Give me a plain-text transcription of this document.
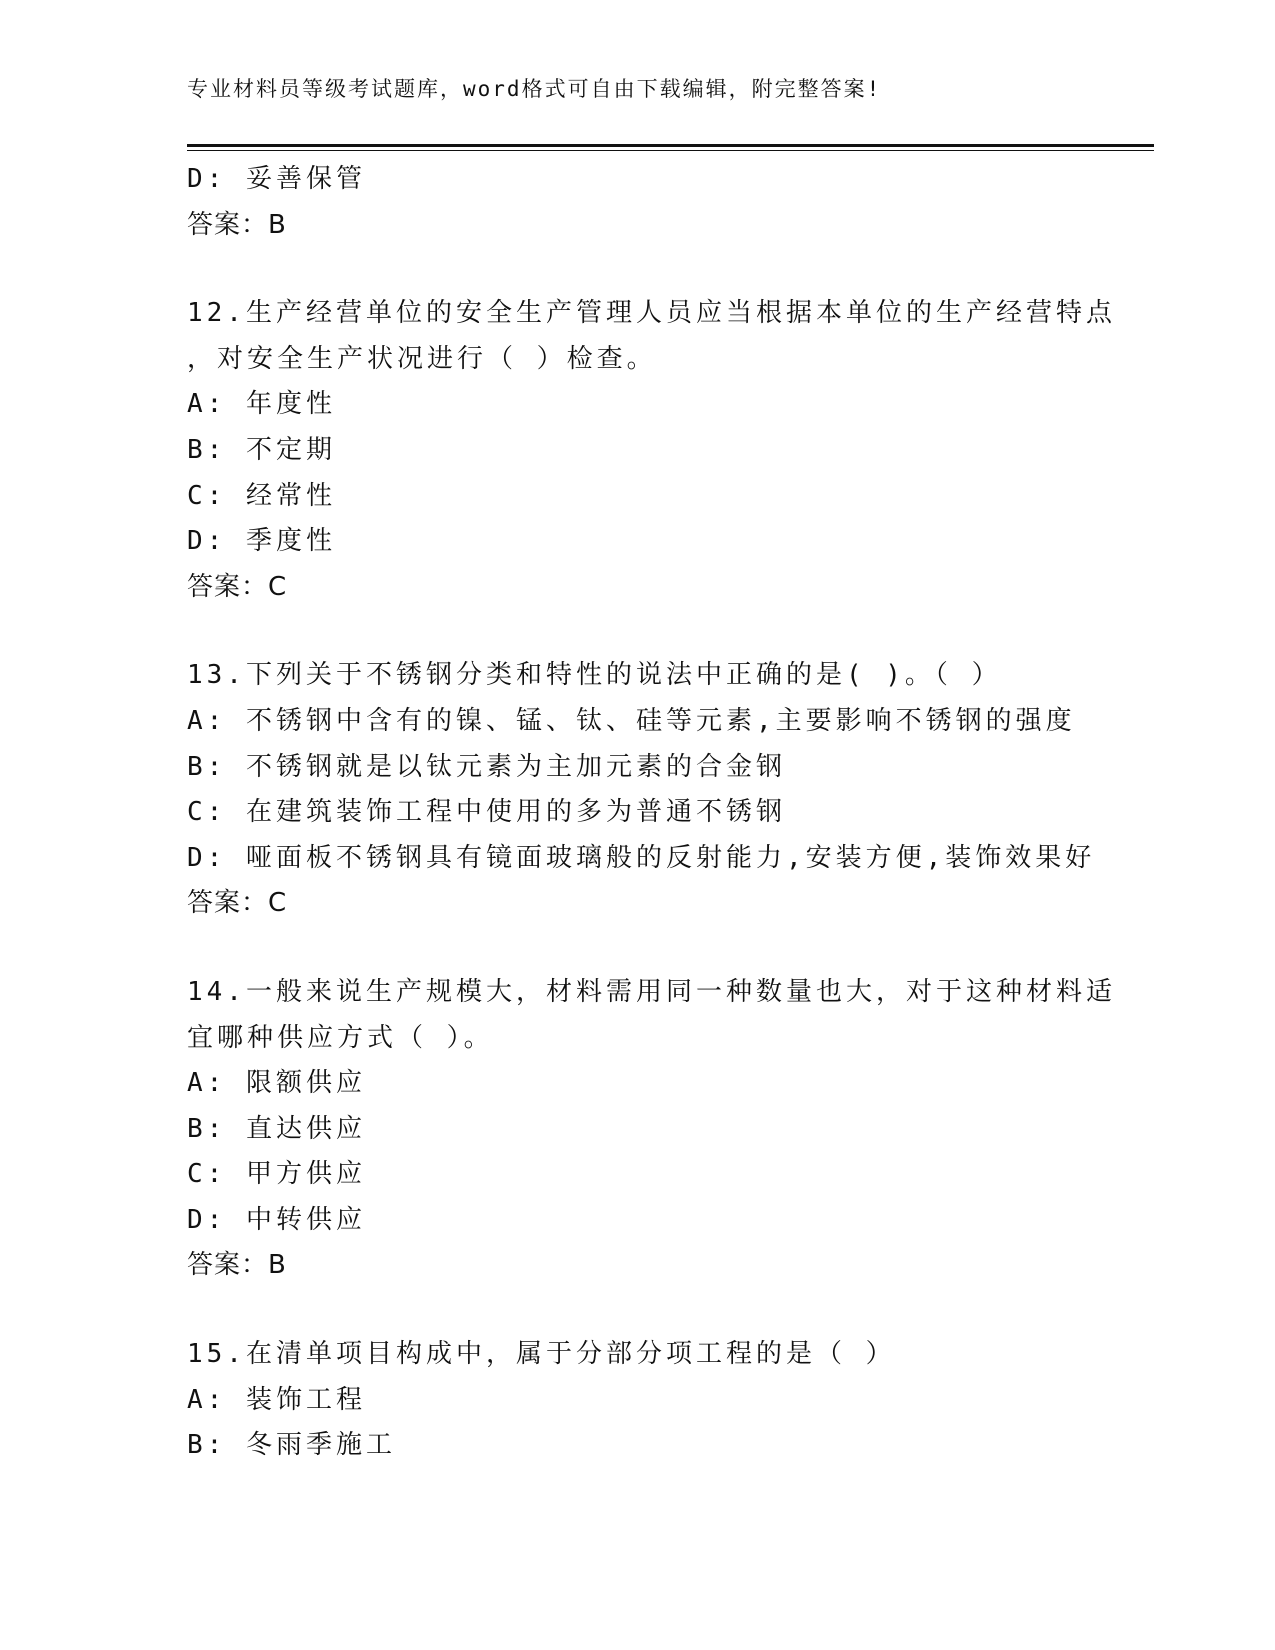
专业材料员等级考试题库，word格式可自由下载编辑，附完整答案!
D: 妥善保管
答案：B
12.生产经营单位的安全生产管理人员应当根据本单位的生产经营特点
，对安全生产状况进行（ ）检查。
A: 年度性
B: 不定期
C: 经常性
D: 季度性
答案：C
13.下列关于不锈钢分类和特性的说法中正确的是( )。（ ）
A: 不锈钢中含有的镍、锰、钛、硅等元素,主要影响不锈钢的强度
B: 不锈钢就是以钛元素为主加元素的合金钢
C: 在建筑装饰工程中使用的多为普通不锈钢
D: 哑面板不锈钢具有镜面玻璃般的反射能力,安装方便,装饰效果好
答案：C
14.一般来说生产规模大，材料需用同一种数量也大，对于这种材料适
宜哪种供应方式（ ）。
A: 限额供应
B: 直达供应
C: 甲方供应
D: 中转供应
答案：B
15.在清单项目构成中，属于分部分项工程的是（ ）
A: 装饰工程
B: 冬雨季施工
